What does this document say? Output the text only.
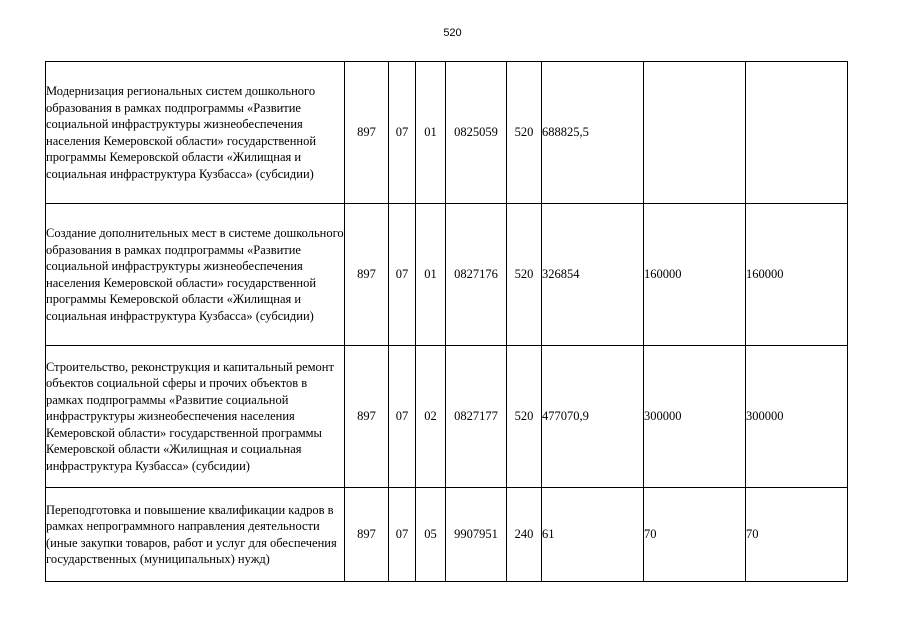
520
Модернизация региональных систем дошкольного образования в рамках подпрограммы «Развитие социальной инфраструктуры жизнеобеспечения населения Кемеровской области» государственной программы Кемеровской области «Жилищная и социальная инфраструктура Кузбасса» (субсидии)	897	07	01	0825059	520	688825,5		
Создание дополнительных мест в системе дошкольного образования в рамках подпрограммы «Развитие социальной инфраструктуры жизнеобеспечения населения Кемеровской области» государственной программы Кемеровской области «Жилищная и социальная инфраструктура Кузбасса» (субсидии)	897	07	01	0827176	520	326854	160000	160000
Строительство, реконструкция и капитальный ремонт объектов социальной сферы и прочих объектов в рамках подпрограммы «Развитие социальной инфраструктуры жизнеобеспечения населения Кемеровской области» государственной программы Кемеровской области «Жилищная и социальная инфраструктура Кузбасса» (субсидии)	897	07	02	0827177	520	477070,9	300000	300000
Переподготовка и повышение квалификации кадров в рамках непрограммного направления деятельности (иные закупки товаров, работ и услуг для обеспечения государственных (муниципальных) нужд)	897	07	05	9907951	240	61	70	70
